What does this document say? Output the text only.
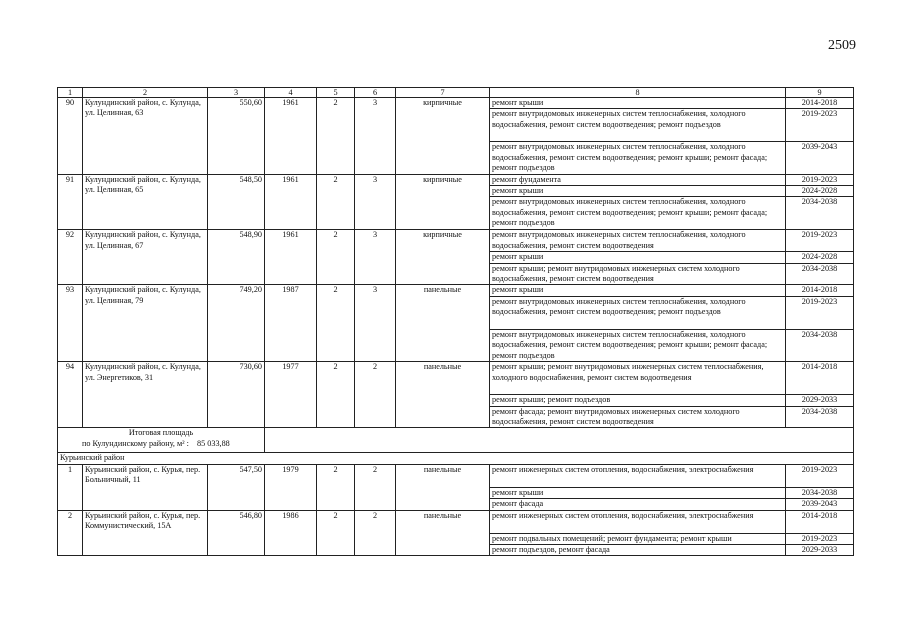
2509
1	2	3	4	5	6	7	8	9
90	Кулундинский район, с. Кулунда, ул. Целинная, 63	550,60	1961	2	3	кирпичные	ремонт крыши	2014-2018
							ремонт внутридомовых инженерных систем теплоснабжения, холодного водоснабжения, ремонт систем водоотведения; ремонт подъездов	2019-2023
							ремонт внутридомовых инженерных систем теплоснабжения, холодного водоснабжения, ремонт систем водоотведения; ремонт крыши; ремонт фасада; ремонт подъездов	2039-2043
91	Кулундинский район, с. Кулунда, ул. Целинная, 65	548,50	1961	2	3	кирпичные	ремонт фундамента	2019-2023
							ремонт крыши	2024-2028
							ремонт внутридомовых инженерных систем теплоснабжения, холодного водоснабжения, ремонт систем водоотведения; ремонт крыши; ремонт фасада; ремонт подъездов	2034-2038
92	Кулундинский район, с. Кулунда, ул. Целинная, 67	548,90	1961	2	3	кирпичные	ремонт внутридомовых инженерных систем теплоснабжения, холодного водоснабжения, ремонт систем водоотведения	2019-2023
							ремонт крыши	2024-2028
							ремонт крыши; ремонт внутридомовых инженерных систем холодного водоснабжения, ремонт систем водоотведения	2034-2038
93	Кулундинский район, с. Кулунда, ул. Целинная, 79	749,20	1987	2	3	панельные	ремонт крыши	2014-2018
							ремонт внутридомовых инженерных систем теплоснабжения, холодного водоснабжения, ремонт систем водоотведения; ремонт подъездов	2019-2023
							ремонт внутридомовых инженерных систем теплоснабжения, холодного водоснабжения, ремонт систем водоотведения; ремонт крыши; ремонт фасада; ремонт подъездов	2034-2038
94	Кулундинский район, с. Кулунда, ул. Энергетиков, 31	730,60	1977	2	2	панельные	ремонт крыши; ремонт внутридомовых инженерных систем теплоснабжения, холодного водоснабжения, ремонт систем водоотведения	2014-2018
							ремонт крыши; ремонт подъездов	2029-2033
							ремонт фасада; ремонт внутридомовых инженерных систем холодного водоснабжения, ремонт систем водоотведения	2034-2038

Итоговая площадь
по Кулундинскому району, м² : 85 033,88								

Курьинский район								
1	Курьинский район, с. Курья, пер. Больничный, 11	547,50	1979	2	2	панельные	ремонт инженерных систем отопления, водоснабжения, электроснабжения	2019-2023
							ремонт крыши	2034-2038
							ремонт фасада	2039-2043
2	Курьинский район, с. Курья, пер. Коммунистический, 15А	546,80	1986	2	2	панельные	ремонт инженерных систем отопления, водоснабжения, электроснабжения	2014-2018
							ремонт подвальных помещений; ремонт фундамента; ремонт крыши	2019-2023
							ремонт подъездов, ремонт фасада	2029-2033
